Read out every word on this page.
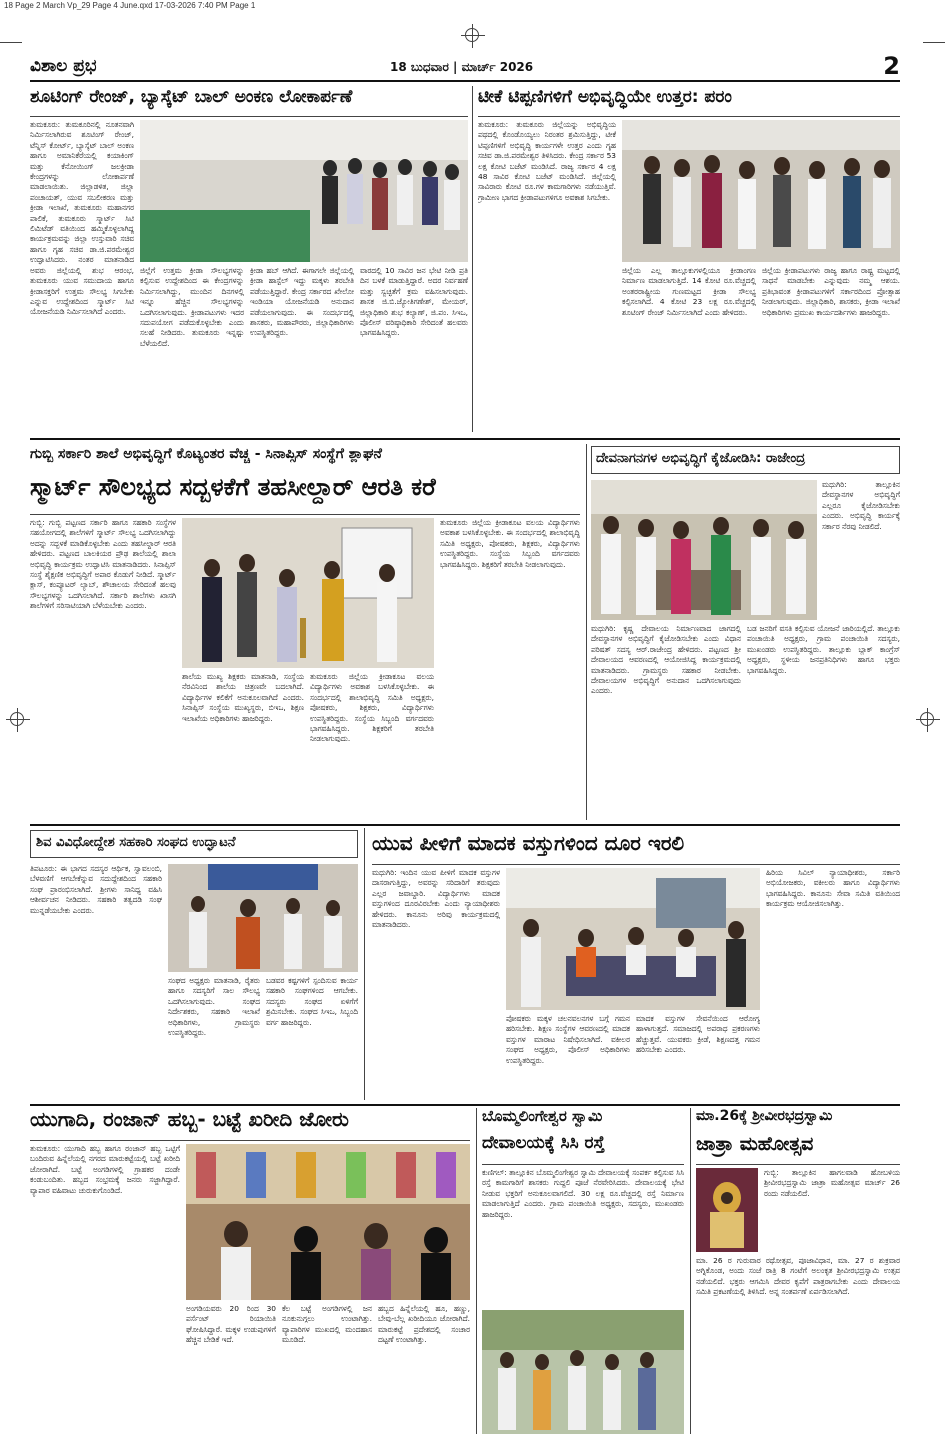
18 Page 2 March Vp_29 Page 4 June.qxd 17-03-2026 7:40 PM Page 1
ವಿಶಾಲ ಪ್ರಭ	18 ಬುಧವಾರ | ಮಾರ್ಚ್ 2026	2
ಶೂಟಿಂಗ್ ರೇಂಜ್, ಬ್ಯಾಸ್ಕೆಟ್ ಬಾಲ್ ಅಂಕಣ ಲೋಕಾರ್ಪಣೆ
ತುಮಕೂರು: ತುಮಕೂರಿನಲ್ಲಿ ನೂತನವಾಗಿ ನಿರ್ಮಿಸಲಾಗಿರುವ ಶೂಟಿಂಗ್ ರೇಂಜ್, ಟೆನ್ನಿಸ್ ಕೋರ್ಟ್, ಬ್ಯಾಸ್ಕೆಟ್ ಬಾಲ್ ಅಂಕಣ ಹಾಗೂ ಅಮಾನಿಕೆರೆಯಲ್ಲಿ ಕಯಾಕಿಂಗ್ ಮತ್ತು ಕೆನೋಯಿಂಗ್ ಜಲಕ್ರೀಡಾ ಕೇಂದ್ರಗಳನ್ನು ಲೋಕಾರ್ಪಣೆ ಮಾಡಲಾಯಿತು. ಜಿಲ್ಲಾಡಳಿತ, ಜಿಲ್ಲಾ ಪಂಚಾಯತ್, ಯುವ ಸಬಲೀಕರಣ ಮತ್ತು ಕ್ರೀಡಾ ಇಲಾಖೆ, ತುಮಕೂರು ಮಹಾನಗರ ಪಾಲಿಕೆ, ತುಮಕೂರು ಸ್ಮಾರ್ಟ್ ಸಿಟಿ ಲಿಮಿಟೆಡ್ ವತಿಯಿಂದ ಹಮ್ಮಿಕೊಳ್ಳಲಾಗಿದ್ದ ಕಾರ್ಯಕ್ರಮವನ್ನು ಜಿಲ್ಲಾ ಉಸ್ತುವಾರಿ ಸಚಿವ ಹಾಗೂ ಗೃಹ ಸಚಿವ ಡಾ.ಜಿ.ಪರಮೇಶ್ವರ ಉದ್ಘಾಟಿಸಿದರು. ನಂತರ ಮಾತನಾಡಿದ ಅವರು ಜಿಲ್ಲೆಯಲ್ಲಿ ಶುಭ ಆರಂಭ, ತುಮಕೂರು ಯುವ ಸಮುದಾಯ ಹಾಗೂ ಕ್ರೀಡಾಸಕ್ತರಿಗೆ ಉತ್ತಮ ಸೌಲಭ್ಯ ಸಿಗಬೇಕು ಎನ್ನುವ ಉದ್ದೇಶದಿಂದ ಸ್ಮಾರ್ಟ್ ಸಿಟಿ ಯೋಜನೆಯಡಿ ನಿರ್ಮಿಸಲಾಗಿದೆ ಎಂದರು.
ಜಿಲ್ಲೆಗೆ ಉತ್ತಮ ಕ್ರೀಡಾ ಸೌಲಭ್ಯಗಳನ್ನು ಕಲ್ಪಿಸುವ ಉದ್ದೇಶದಿಂದ ಈ ಕೇಂದ್ರಗಳನ್ನು ನಿರ್ಮಿಸಲಾಗಿದ್ದು, ಮುಂದಿನ ದಿನಗಳಲ್ಲಿ ಇನ್ನೂ ಹೆಚ್ಚಿನ ಸೌಲಭ್ಯಗಳನ್ನು ಒದಗಿಸಲಾಗುವುದು. ಕ್ರೀಡಾಪಟುಗಳು ಇದರ ಸದುಪಯೋಗ ಪಡೆದುಕೊಳ್ಳಬೇಕು ಎಂದು ಸಲಹೆ ನೀಡಿದರು. ತುಮಕೂರು ಇನ್ನಷ್ಟು ಬೆಳೆಯಲಿದೆ.
ಕ್ರೀಡಾ ಹಬ್ ಆಗಿದೆ. ಈಗಾಗಲೇ ಜಿಲ್ಲೆಯಲ್ಲಿ ಕ್ರೀಡಾ ಹಾಸ್ಟೆಲ್ ಇದ್ದು ಮಕ್ಕಳು ತರಬೇತಿ ಪಡೆಯುತ್ತಿದ್ದಾರೆ. ಕೇಂದ್ರ ಸರ್ಕಾರದ ಖೇಲೋ ಇಂಡಿಯಾ ಯೋಜನೆಯಡಿ ಅನುದಾನ ಪಡೆಯಲಾಗುವುದು. ಈ ಸಂದರ್ಭದಲ್ಲಿ ಶಾಸಕರು, ಮಹಾಪೌರರು, ಜಿಲ್ಲಾಧಿಕಾರಿಗಳು ಉಪಸ್ಥಿತರಿದ್ದರು.
ವಾರದಲ್ಲಿ 10 ಸಾವಿರ ಜನ ಭೇಟಿ ನೀಡಿ ಪ್ರತಿ ದಿನ ಬಳಕೆ ಮಾಡುತ್ತಿದ್ದಾರೆ. ಅದರ ನಿರ್ವಹಣೆ ಮತ್ತು ಸ್ವಚ್ಛತೆಗೆ ಕ್ರಮ ವಹಿಸಲಾಗುವುದು. ಶಾಸಕ ಜಿ.ಬಿ.ಜ್ಯೋತಿಗಣೇಶ್, ಮೇಯರ್, ಜಿಲ್ಲಾಧಿಕಾರಿ ಶುಭ ಕಲ್ಯಾಣ್, ಜಿ.ಪಂ. ಸಿಇಒ, ಪೊಲೀಸ್ ವರಿಷ್ಠಾಧಿಕಾರಿ ಸೇರಿದಂತೆ ಹಲವರು ಭಾಗವಹಿಸಿದ್ದರು.
ಟೀಕೆ ಟಿಪ್ಪಣಿಗಳಿಗೆ ಅಭಿವೃದ್ಧಿಯೇ ಉತ್ತರ: ಪರಂ
ತುಮಕೂರು: ತುಮಕೂರು ಜಿಲ್ಲೆಯನ್ನು ಅಭಿವೃದ್ಧಿಯ ಪಥದಲ್ಲಿ ಕೊಂಡೊಯ್ಯಲು ನಿರಂತರ ಶ್ರಮಿಸುತ್ತಿದ್ದು, ಟೀಕೆ ಟಿಪ್ಪಣಿಗಳಿಗೆ ಅಭಿವೃದ್ಧಿ ಕಾರ್ಯಗಳೇ ಉತ್ತರ ಎಂದು ಗೃಹ ಸಚಿವ ಡಾ.ಜಿ.ಪರಮೇಶ್ವರ ತಿಳಿಸಿದರು. ಕೇಂದ್ರ ಸರ್ಕಾರ 53 ಲಕ್ಷ ಕೋಟಿ ಬಜೆಟ್ ಮಂಡಿಸಿದೆ. ರಾಜ್ಯ ಸರ್ಕಾರ 4 ಲಕ್ಷ 48 ಸಾವಿರ ಕೋಟಿ ಬಜೆಟ್ ಮಂಡಿಸಿದೆ. ಜಿಲ್ಲೆಯಲ್ಲಿ ಸಾವಿರಾರು ಕೋಟಿ ರೂ.ಗಳ ಕಾಮಗಾರಿಗಳು ನಡೆಯುತ್ತಿವೆ. ಗ್ರಾಮೀಣ ಭಾಗದ ಕ್ರೀಡಾಪಟುಗಳಿಗೂ ಅವಕಾಶ ಸಿಗಬೇಕು.
ಜಿಲ್ಲೆಯ ಎಲ್ಲ ತಾಲ್ಲೂಕುಗಳಲ್ಲಿಯೂ ಕ್ರೀಡಾಂಗಣ ನಿರ್ಮಾಣ ಮಾಡಲಾಗುತ್ತಿದೆ. 14 ಕೋಟಿ ರೂ.ವೆಚ್ಚದಲ್ಲಿ ಅಂತರರಾಷ್ಟ್ರೀಯ ಗುಣಮಟ್ಟದ ಕ್ರೀಡಾ ಸೌಲಭ್ಯ ಕಲ್ಪಿಸಲಾಗಿದೆ. 4 ಕೋಟಿ 23 ಲಕ್ಷ ರೂ.ವೆಚ್ಚದಲ್ಲಿ ಶೂಟಿಂಗ್ ರೇಂಜ್ ನಿರ್ಮಿಸಲಾಗಿದೆ ಎಂದು ಹೇಳಿದರು.
ಜಿಲ್ಲೆಯ ಕ್ರೀಡಾಪಟುಗಳು ರಾಜ್ಯ ಹಾಗೂ ರಾಷ್ಟ್ರ ಮಟ್ಟದಲ್ಲಿ ಸಾಧನೆ ಮಾಡಬೇಕು ಎನ್ನುವುದು ನಮ್ಮ ಆಶಯ. ಪ್ರತಿಭಾವಂತ ಕ್ರೀಡಾಪಟುಗಳಿಗೆ ಸರ್ಕಾರದಿಂದ ಪ್ರೋತ್ಸಾಹ ನೀಡಲಾಗುವುದು. ಜಿಲ್ಲಾಧಿಕಾರಿ, ಶಾಸಕರು, ಕ್ರೀಡಾ ಇಲಾಖೆ ಅಧಿಕಾರಿಗಳು ಪ್ರಮುಖ ಕಾರ್ಯದರ್ಶಿಗಳು ಹಾಜರಿದ್ದರು.
ಗುಬ್ಬಿ ಸರ್ಕಾರಿ ಶಾಲೆ ಅಭಿವೃದ್ಧಿಗೆ ಕೊಟ್ಯಂತರ ವೆಚ್ಚ - ಸಿನಾಪ್ಸಿಸ್ ಸಂಸ್ಥೆಗೆ ಶ್ಲಾಘನೆ
ಸ್ಮಾರ್ಟ್ ಸೌಲಭ್ಯದ ಸದ್ಬಳಕೆಗೆ ತಹಸೀಲ್ದಾರ್ ಆರತಿ ಕರೆ
ಗುಬ್ಬಿ: ಗುಬ್ಬಿ ಪಟ್ಟಣದ ಸರ್ಕಾರಿ ಹಾಗೂ ಸಹಕಾರಿ ಸಂಸ್ಥೆಗಳ ಸಹಯೋಗದಲ್ಲಿ ಶಾಲೆಗಳಿಗೆ ಸ್ಮಾರ್ಟ್ ಸೌಲಭ್ಯ ಒದಗಿಸಲಾಗಿದ್ದು ಅದನ್ನು ಸದ್ಬಳಕೆ ಮಾಡಿಕೊಳ್ಳಬೇಕು ಎಂದು ತಹಸೀಲ್ದಾರ್ ಆರತಿ ಹೇಳಿದರು. ಪಟ್ಟಣದ ಬಾಲಕಿಯರ ಪ್ರೌಢ ಶಾಲೆಯಲ್ಲಿ ಶಾಲಾ ಅಭಿವೃದ್ಧಿ ಕಾರ್ಯಕ್ರಮ ಉದ್ಘಾಟಿಸಿ ಮಾತನಾಡಿದರು. ಸಿನಾಪ್ಸಿಸ್ ಸಂಸ್ಥೆ ಶೈಕ್ಷಣಿಕ ಅಭಿವೃದ್ಧಿಗೆ ಅಪಾರ ಕೊಡುಗೆ ನೀಡಿದೆ. ಸ್ಮಾರ್ಟ್ ಕ್ಲಾಸ್, ಕಂಪ್ಯೂಟರ್ ಲ್ಯಾಬ್, ಶೌಚಾಲಯ ಸೇರಿದಂತೆ ಹಲವು ಸೌಲಭ್ಯಗಳನ್ನು ಒದಗಿಸಲಾಗಿದೆ. ಸರ್ಕಾರಿ ಶಾಲೆಗಳು ಖಾಸಗಿ ಶಾಲೆಗಳಿಗೆ ಸರಿಸಾಟಿಯಾಗಿ ಬೆಳೆಯಬೇಕು ಎಂದರು.
ಶಾಲೆಯ ಮುಖ್ಯ ಶಿಕ್ಷಕರು ಮಾತನಾಡಿ, ಸಂಸ್ಥೆಯ ನೆರವಿನಿಂದ ಶಾಲೆಯ ಚಿತ್ರಣವೇ ಬದಲಾಗಿದೆ. ವಿದ್ಯಾರ್ಥಿಗಳ ಕಲಿಕೆಗೆ ಅನುಕೂಲವಾಗಿದೆ ಎಂದರು. ಸಿನಾಪ್ಸಿಸ್ ಸಂಸ್ಥೆಯ ಮುಖ್ಯಸ್ಥರು, ಬಿಇಒ, ಶಿಕ್ಷಣ ಇಲಾಖೆಯ ಅಧಿಕಾರಿಗಳು ಹಾಜರಿದ್ದರು.
ತುಮಕೂರು ಜಿಲ್ಲೆಯ ಕ್ರೀಡಾಕೂಟ ವಲಯ ವಿದ್ಯಾರ್ಥಿಗಳು ಅವಕಾಶ ಬಳಸಿಕೊಳ್ಳಬೇಕು. ಈ ಸಂದರ್ಭದಲ್ಲಿ ಶಾಲಾಭಿವೃದ್ಧಿ ಸಮಿತಿ ಅಧ್ಯಕ್ಷರು, ಪೋಷಕರು, ಶಿಕ್ಷಕರು, ವಿದ್ಯಾರ್ಥಿಗಳು ಉಪಸ್ಥಿತರಿದ್ದರು. ಸಂಸ್ಥೆಯ ಸಿಬ್ಬಂದಿ ವರ್ಗದವರು ಭಾಗವಹಿಸಿದ್ದರು. ಶಿಕ್ಷಕರಿಗೆ ತರಬೇತಿ ನೀಡಲಾಗುವುದು.
ತುಮಕೂರು ಜಿಲ್ಲೆಯ ಕ್ರೀಡಾಕೂಟ ವಲಯ ವಿದ್ಯಾರ್ಥಿಗಳು ಅವಕಾಶ ಬಳಸಿಕೊಳ್ಳಬೇಕು. ಈ ಸಂದರ್ಭದಲ್ಲಿ ಶಾಲಾಭಿವೃದ್ಧಿ ಸಮಿತಿ ಅಧ್ಯಕ್ಷರು, ಪೋಷಕರು, ಶಿಕ್ಷಕರು, ವಿದ್ಯಾರ್ಥಿಗಳು ಉಪಸ್ಥಿತರಿದ್ದರು. ಸಂಸ್ಥೆಯ ಸಿಬ್ಬಂದಿ ವರ್ಗದವರು ಭಾಗವಹಿಸಿದ್ದರು. ಶಿಕ್ಷಕರಿಗೆ ತರಬೇತಿ ನೀಡಲಾಗುವುದು.
ದೇವನಾಗನಗಳ ಅಭಿವೃದ್ಧಿಗೆ ಕೈಜೋಡಿಸಿ: ರಾಜೇಂದ್ರ
ಮಧುಗಿರಿ: ತಾಲ್ಲೂಕಿನ ದೇವಸ್ಥಾನಗಳ ಅಭಿವೃದ್ಧಿಗೆ ಎಲ್ಲರೂ ಕೈಜೋಡಿಸಬೇಕು ಎಂದರು. ಅಭಿವೃದ್ಧಿ ಕಾರ್ಯಕ್ಕೆ ಸರ್ಕಾರ ನೆರವು ನೀಡಲಿದೆ.
ಮಧುಗಿರಿ: ಕೃಷ್ಣ ದೇವಾಲಯ ನಿರ್ಮಾಣವಾದ ಜಾಗದಲ್ಲಿ ದೇವಸ್ಥಾನಗಳ ಅಭಿವೃದ್ಧಿಗೆ ಕೈಜೋಡಿಸಬೇಕು ಎಂದು ವಿಧಾನ ಪರಿಷತ್ ಸದಸ್ಯ ಆರ್.ರಾಜೇಂದ್ರ ಹೇಳಿದರು. ಪಟ್ಟಣದ ಶ್ರೀ ದೇವಾಲಯದ ಆವರಣದಲ್ಲಿ ಆಯೋಜಿಸಿದ್ದ ಕಾರ್ಯಕ್ರಮದಲ್ಲಿ ಮಾತನಾಡಿದರು. ಗ್ರಾಮಸ್ಥರು ಸಹಕಾರ ನೀಡಬೇಕು. ದೇವಾಲಯಗಳ ಅಭಿವೃದ್ಧಿಗೆ ಅನುದಾನ ಒದಗಿಸಲಾಗುವುದು ಎಂದರು.
ಬಡ ಜನರಿಗೆ ವಸತಿ ಕಲ್ಪಿಸುವ ಯೋಜನೆ ಜಾರಿಯಲ್ಲಿದೆ. ತಾಲ್ಲೂಕು ಪಂಚಾಯಿತಿ ಅಧ್ಯಕ್ಷರು, ಗ್ರಾಮ ಪಂಚಾಯಿತಿ ಸದಸ್ಯರು, ಮುಖಂಡರು ಉಪಸ್ಥಿತರಿದ್ದರು. ತಾಲ್ಲೂಕು ಬ್ಲಾಕ್ ಕಾಂಗ್ರೆಸ್ ಅಧ್ಯಕ್ಷರು, ಸ್ಥಳೀಯ ಜನಪ್ರತಿನಿಧಿಗಳು ಹಾಗೂ ಭಕ್ತರು ಭಾಗವಹಿಸಿದ್ದರು.
ಶಿವ ವಿವಿಧೋದ್ದೇಶ ಸಹಕಾರಿ ಸಂಘದ ಉದ್ಘಾಟನೆ
ತಿಪಟೂರು: ಈ ಭಾಗದ ಸದಸ್ಯರ ಆರ್ಥಿಕ, ಸ್ವಾವಲಂಬಿ, ಬೆಳವಣಿಗೆ ಆಗಬೇಕೆನ್ನುವ ಸದುದ್ದೇಶದಿಂದ ಸಹಕಾರಿ ಸಂಘ ಪ್ರಾರಂಭಿಸಲಾಗಿದೆ. ಶ್ರೀಗಳು ಸಾನಿಧ್ಯ ವಹಿಸಿ ಆಶೀರ್ವಚನ ನೀಡಿದರು. ಸಹಕಾರಿ ತತ್ವದಡಿ ಸಂಘ ಮುನ್ನಡೆಯಬೇಕು ಎಂದರು.
ಸಂಘದ ಅಧ್ಯಕ್ಷರು ಮಾತನಾಡಿ, ರೈತರು ಹಾಗೂ ಸದಸ್ಯರಿಗೆ ಸಾಲ ಸೌಲಭ್ಯ ಒದಗಿಸಲಾಗುವುದು. ಸಂಘದ ನಿರ್ದೇಶಕರು, ಸಹಕಾರಿ ಇಲಾಖೆ ಅಧಿಕಾರಿಗಳು, ಗ್ರಾಮಸ್ಥರು ಉಪಸ್ಥಿತರಿದ್ದರು.
ಬಡವರ ಕಷ್ಟಗಳಿಗೆ ಸ್ಪಂದಿಸುವ ಕಾರ್ಯ ಸಹಕಾರಿ ಸಂಘಗಳಿಂದ ಆಗಬೇಕು. ಸದಸ್ಯರು ಸಂಘದ ಏಳಿಗೆಗೆ ಶ್ರಮಿಸಬೇಕು. ಸಂಘದ ಸಿಇಒ, ಸಿಬ್ಬಂದಿ ವರ್ಗ ಹಾಜರಿದ್ದರು.
ಯುವ ಪೀಳಿಗೆ ಮಾದಕ ವಸ್ತುಗಳಿಂದ ದೂರ ಇರಲಿ
ಮಧುಗಿರಿ: ಇಂದಿನ ಯುವ ಪೀಳಿಗೆ ಮಾದಕ ವಸ್ತುಗಳ ದಾಸರಾಗುತ್ತಿದ್ದು, ಅವರನ್ನು ಸರಿದಾರಿಗೆ ತರುವುದು ಎಲ್ಲರ ಜವಾಬ್ದಾರಿ. ವಿದ್ಯಾರ್ಥಿಗಳು ಮಾದಕ ವಸ್ತುಗಳಿಂದ ದೂರವಿರಬೇಕು ಎಂದು ನ್ಯಾಯಾಧೀಶರು ಹೇಳಿದರು. ಕಾನೂನು ಅರಿವು ಕಾರ್ಯಕ್ರಮದಲ್ಲಿ ಮಾತನಾಡಿದರು.
ಪೋಷಕರು ಮಕ್ಕಳ ಚಲನವಲನಗಳ ಬಗ್ಗೆ ಗಮನ ಹರಿಸಬೇಕು. ಶಿಕ್ಷಣ ಸಂಸ್ಥೆಗಳ ಆವರಣದಲ್ಲಿ ಮಾದಕ ವಸ್ತುಗಳ ಮಾರಾಟ ನಿಷೇಧಿಸಲಾಗಿದೆ. ವಕೀಲರ ಸಂಘದ ಅಧ್ಯಕ್ಷರು, ಪೊಲೀಸ್ ಅಧಿಕಾರಿಗಳು ಉಪಸ್ಥಿತರಿದ್ದರು.
ಮಾದಕ ವಸ್ತುಗಳ ಸೇವನೆಯಿಂದ ಆರೋಗ್ಯ ಹಾಳಾಗುತ್ತದೆ. ಸಮಾಜದಲ್ಲಿ ಅಪರಾಧ ಪ್ರಕರಣಗಳು ಹೆಚ್ಚುತ್ತವೆ. ಯುವಕರು ಕ್ರೀಡೆ, ಶಿಕ್ಷಣದತ್ತ ಗಮನ ಹರಿಸಬೇಕು ಎಂದರು.
ಹಿರಿಯ ಸಿವಿಲ್ ನ್ಯಾಯಾಧೀಶರು, ಸರ್ಕಾರಿ ಅಭಿಯೋಜಕರು, ವಕೀಲರು ಹಾಗೂ ವಿದ್ಯಾರ್ಥಿಗಳು ಭಾಗವಹಿಸಿದ್ದರು. ಕಾನೂನು ಸೇವಾ ಸಮಿತಿ ವತಿಯಿಂದ ಕಾರ್ಯಕ್ರಮ ಆಯೋಜಿಸಲಾಗಿತ್ತು.
ಯುಗಾದಿ, ರಂಜಾನ್ ಹಬ್ಬ- ಬಟ್ಟೆ ಖರೀದಿ ಜೋರು
ತುಮಕೂರು: ಯುಗಾದಿ ಹಬ್ಬ ಹಾಗೂ ರಂಜಾನ್ ಹಬ್ಬ ಒಟ್ಟಿಗೆ ಬಂದಿರುವ ಹಿನ್ನೆಲೆಯಲ್ಲಿ ನಗರದ ಮಾರುಕಟ್ಟೆಯಲ್ಲಿ ಬಟ್ಟೆ ಖರೀದಿ ಜೋರಾಗಿದೆ. ಬಟ್ಟೆ ಅಂಗಡಿಗಳಲ್ಲಿ ಗ್ರಾಹಕರ ದಂಡೇ ಕಂಡುಬಂದಿತು. ಹಬ್ಬದ ಸಂಭ್ರಮಕ್ಕೆ ಜನರು ಸಜ್ಜಾಗಿದ್ದಾರೆ. ವ್ಯಾಪಾರ ವಹಿವಾಟು ಚುರುಕುಗೊಂಡಿದೆ.
ಅಂಗಡಿಯವರು 20 ರಿಂದ 30 ಪರ್ಸೆಂಟ್ ರಿಯಾಯಿತಿ ಘೋಷಿಸಿದ್ದಾರೆ. ಮಕ್ಕಳ ಉಡುಪುಗಳಿಗೆ ಹೆಚ್ಚಿನ ಬೇಡಿಕೆ ಇದೆ.
ಕೆಲ ಬಟ್ಟೆ ಅಂಗಡಿಗಳಲ್ಲಿ ಜನ ನೂಕುನುಗ್ಗಲು ಉಂಟಾಗಿತ್ತು. ವ್ಯಾಪಾರಿಗಳ ಮುಖದಲ್ಲಿ ಮಂದಹಾಸ ಮೂಡಿದೆ.
ಹಬ್ಬದ ಹಿನ್ನೆಲೆಯಲ್ಲಿ ಹೂ, ಹಣ್ಣು, ಬೇವು-ಬೆಲ್ಲ ಖರೀದಿಯೂ ಜೋರಾಗಿದೆ. ಮಾರುಕಟ್ಟೆ ಪ್ರದೇಶದಲ್ಲಿ ಸಂಚಾರ ದಟ್ಟಣೆ ಉಂಟಾಗಿತ್ತು.
ಬೊಮ್ಮಲಿಂಗೇಶ್ವರ ಸ್ವಾಮಿ
ದೇವಾಲಯಕ್ಕೆ ಸಿಸಿ ರಸ್ತೆ
ಕುಣಿಗಲ್: ತಾಲ್ಲೂಕಿನ ಬೊಮ್ಮಲಿಂಗೇಶ್ವರ ಸ್ವಾಮಿ ದೇವಾಲಯಕ್ಕೆ ಸಂಪರ್ಕ ಕಲ್ಪಿಸುವ ಸಿಸಿ ರಸ್ತೆ ಕಾಮಗಾರಿಗೆ ಶಾಸಕರು ಗುದ್ದಲಿ ಪೂಜೆ ನೆರವೇರಿಸಿದರು. ದೇವಾಲಯಕ್ಕೆ ಭೇಟಿ ನೀಡುವ ಭಕ್ತರಿಗೆ ಅನುಕೂಲವಾಗಲಿದೆ. 30 ಲಕ್ಷ ರೂ.ವೆಚ್ಚದಲ್ಲಿ ರಸ್ತೆ ನಿರ್ಮಾಣ ಮಾಡಲಾಗುತ್ತಿದೆ ಎಂದರು. ಗ್ರಾಮ ಪಂಚಾಯಿತಿ ಅಧ್ಯಕ್ಷರು, ಸದಸ್ಯರು, ಮುಖಂಡರು ಹಾಜರಿದ್ದರು.
ಮಾ.26ಕ್ಕೆ ಶ್ರೀವೀರಭದ್ರಸ್ವಾಮಿ
ಜಾತ್ರಾ ಮಹೋತ್ಸವ
ಗುಬ್ಬಿ: ತಾಲ್ಲೂಕಿನ ಹಾಗಲವಾಡಿ ಹೋಬಳಿಯ ಶ್ರೀವೀರಭದ್ರಸ್ವಾಮಿ ಜಾತ್ರಾ ಮಹೋತ್ಸವ ಮಾರ್ಚ್ 26 ರಂದು ನಡೆಯಲಿದೆ.
ಮಾ. 26 ರ ಗುರುವಾರ ರಥೋತ್ಸವ, ಪೂಜಾವಿಧಾನ, ಮಾ. 27 ರ ಶುಕ್ರವಾರ ಅಗ್ನಿಕೊಂಡ, ಅಂದು ಸಂಜೆ ರಾತ್ರಿ 8 ಗಂಟೆಗೆ ಅಲಂಕೃತ ಶ್ರೀವೀರಭದ್ರಸ್ವಾಮಿ ಉತ್ಸವ ನಡೆಯಲಿದೆ. ಭಕ್ತರು ಆಗಮಿಸಿ ದೇವರ ಕೃಪೆಗೆ ಪಾತ್ರರಾಗಬೇಕು ಎಂದು ದೇವಾಲಯ ಸಮಿತಿ ಪ್ರಕಟಣೆಯಲ್ಲಿ ತಿಳಿಸಿದೆ. ಅನ್ನ ಸಂತರ್ಪಣೆ ಏರ್ಪಡಿಸಲಾಗಿದೆ.
